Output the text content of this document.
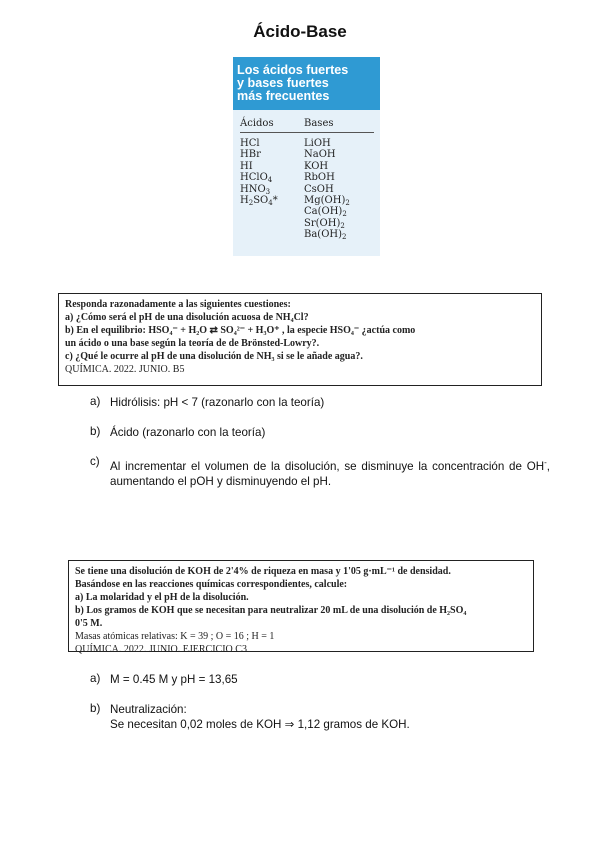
Ácido-Base
Los ácidos fuertes
y bases fuertes
más frecuentes
Ácidos	Bases
HCl
HBr
HI
HClO$_4$
$HNO_3$
$H_2SO_4*$
LiOH
NaOH
KOH
RbOH
CsOH
$Mg(OH)_2$
$Ca(OH)_2$
$Sr(OH)_2$
$Ba(OH)_2$
Responda razonadamente a las siguientes cuestiones:
a) ¿Cómo será el pH de una disolución acuosa de NH₄Cl?
b) En el equilibrio: HSO₄⁻ + H₂O ⇄ SO₄²⁻ + H₃O⁺ , la especie HSO₄⁻ ¿actúa como
un ácido o una base según la teoría de de Brönsted-Lowry?.
c) ¿Qué le ocurre al pH de una disolución de NH₃ si se le añade agua?.
QUÍMICA. 2022. JUNIO. B5
a) Hidrólisis: pH < 7 (razonarlo con la teoría)
b) Ácido (razonarlo con la teoría)
c) Al incrementar el volumen de la disolución, se disminuye la concentración de OH-, aumentando el pOH y disminuyendo el pH.
Se tiene una disolución de KOH de 2'4% de riqueza en masa y 1'05 g·mL⁻¹ de densidad.
Basándose en las reacciones químicas correspondientes, calcule:
a) La molaridad y el pH de la disolución.
b) Los gramos de KOH que se necesitan para neutralizar 20 mL de una disolución de H₂SO₄
0'5 M.
Masas atómicas relativas: K = 39 ; O = 16 ; H = 1
QUÍMICA. 2022. JUNIO. EJERCICIO C3
a) M = 0.45 M y pH = 13,65
b) Neutralización:
Se necesitan 0,02 moles de KOH ⇒ 1,12 gramos de KOH.
